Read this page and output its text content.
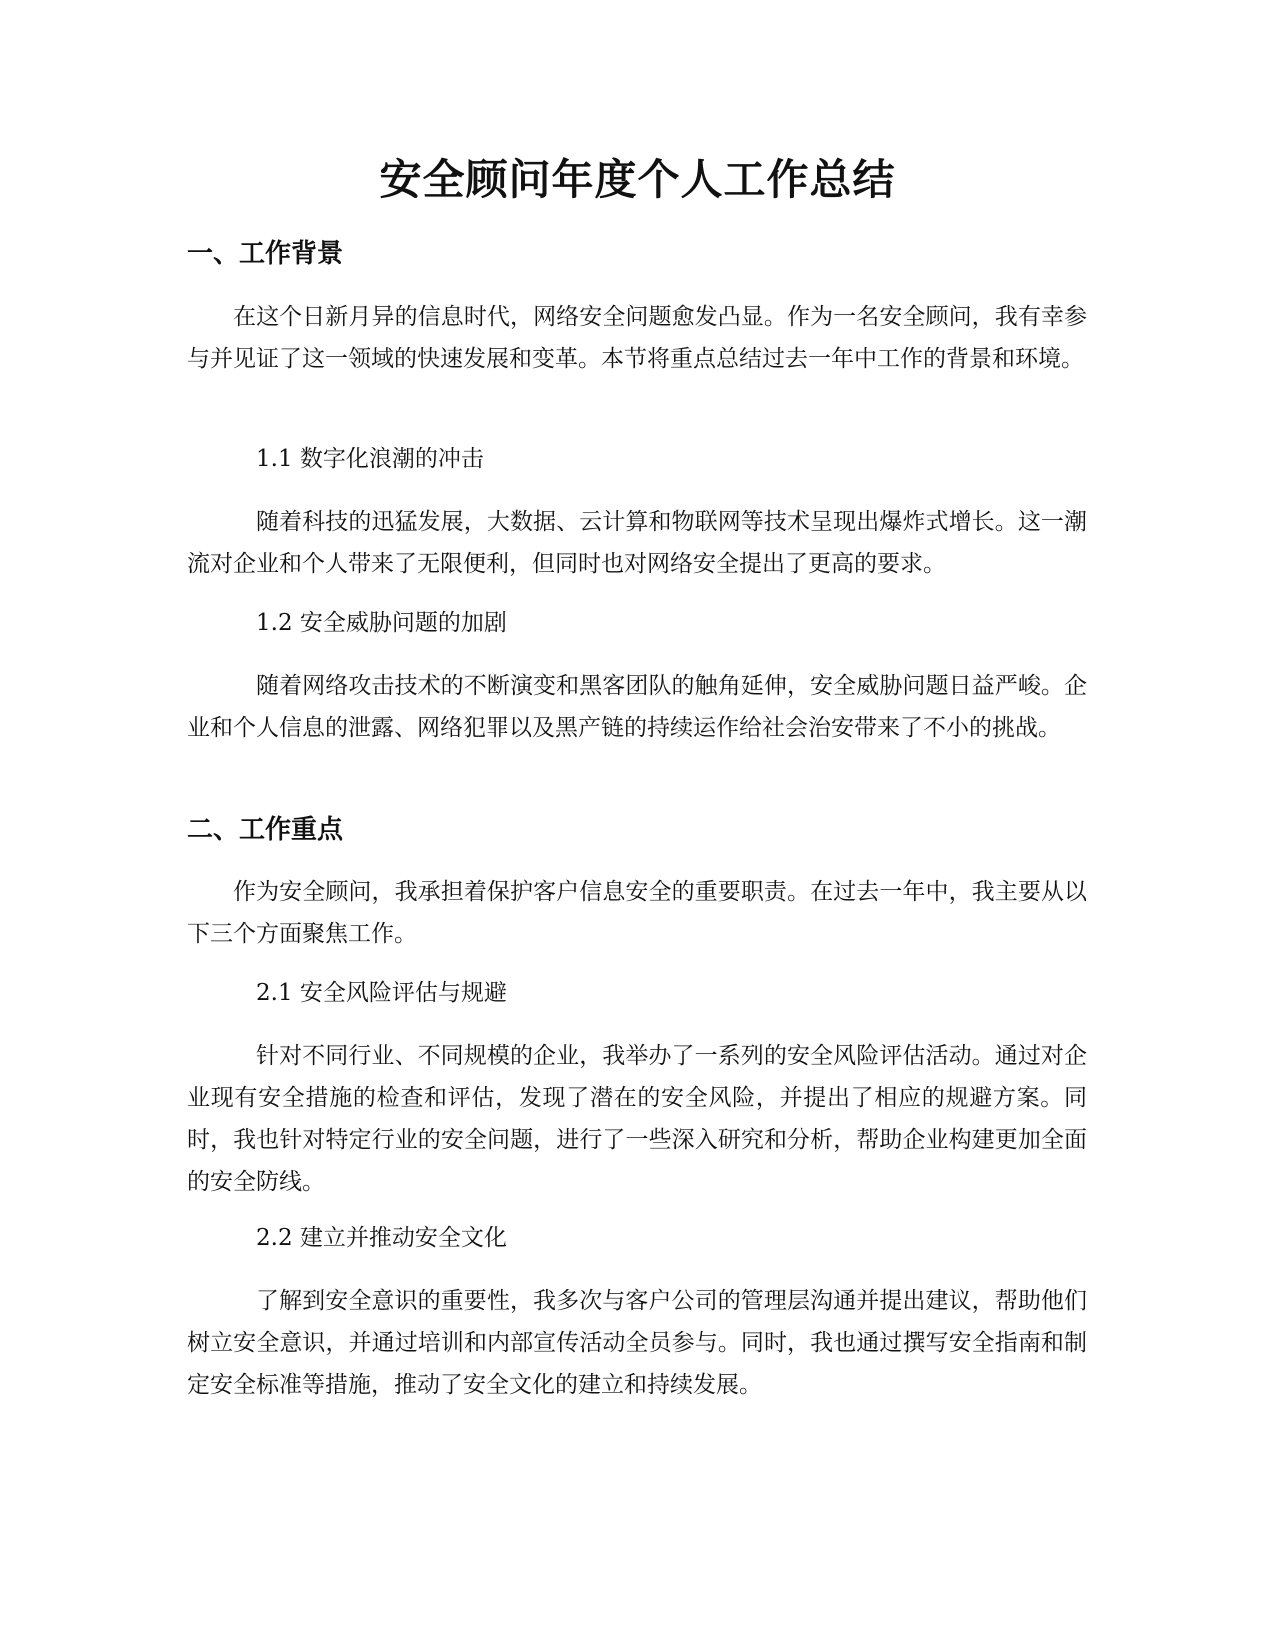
安全顾问年度个人工作总结
一、工作背景

在这个日新月异的信息时代，网络安全问题愈发凸显。作为一名安全顾问，我有幸参与并见证了这一领域的快速发展和变革。本节将重点总结过去一年中工作的背景和环境。

1.1 数字化浪潮的冲击

随着科技的迅猛发展，大数据、云计算和物联网等技术呈现出爆炸式增长。这一潮流对企业和个人带来了无限便利，但同时也对网络安全提出了更高的要求。

1.2 安全威胁问题的加剧

随着网络攻击技术的不断演变和黑客团队的触角延伸，安全威胁问题日益严峻。企业和个人信息的泄露、网络犯罪以及黑产链的持续运作给社会治安带来了不小的挑战。

二、工作重点

作为安全顾问，我承担着保护客户信息安全的重要职责。在过去一年中，我主要从以下三个方面聚焦工作。

2.1 安全风险评估与规避

针对不同行业、不同规模的企业，我举办了一系列的安全风险评估活动。通过对企业现有安全措施的检查和评估，发现了潜在的安全风险，并提出了相应的规避方案。同时，我也针对特定行业的安全问题，进行了一些深入研究和分析，帮助企业构建更加全面的安全防线。

2.2 建立并推动安全文化

了解到安全意识的重要性，我多次与客户公司的管理层沟通并提出建议，帮助他们树立安全意识，并通过培训和内部宣传活动全员参与。同时，我也通过撰写安全指南和制定安全标准等措施，推动了安全文化的建立和持续发展。
